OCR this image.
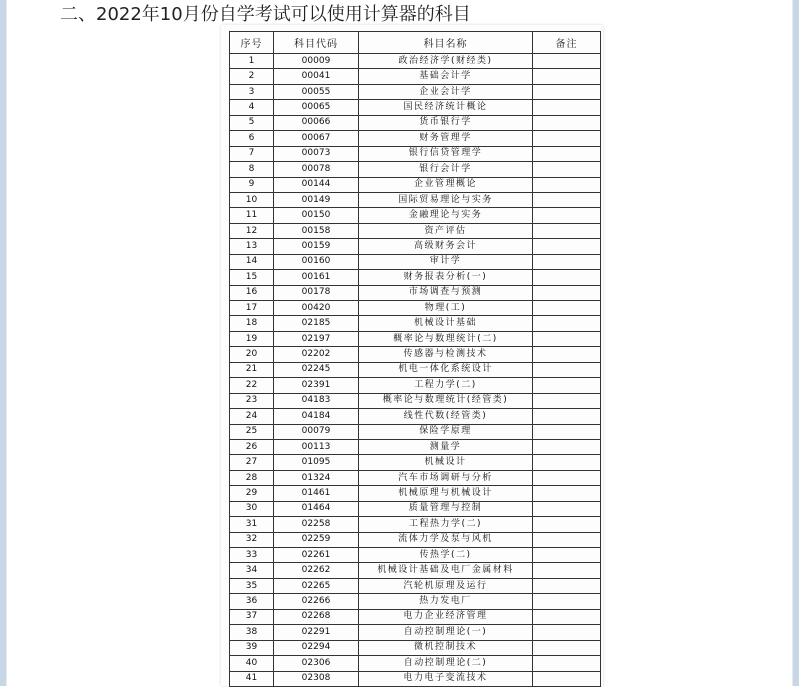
二、2022年10月份自学考试可以使用计算器的科目
序号	科目代码	科目名称	备注
1	00009	政治经济学(财经类)	
2	00041	基础会计学	
3	00055	企业会计学	
4	00065	国民经济统计概论	
5	00066	货币银行学	
6	00067	财务管理学	
7	00073	银行信贷管理学	
8	00078	银行会计学	
9	00144	企业管理概论	
10	00149	国际贸易理论与实务	
11	00150	金融理论与实务	
12	00158	资产评估	
13	00159	高级财务会计	
14	00160	审计学	
15	00161	财务报表分析(一)	
16	00178	市场调查与预测	
17	00420	物理(工)	
18	02185	机械设计基础	
19	02197	概率论与数理统计(二)	
20	02202	传感器与检测技术	
21	02245	机电一体化系统设计	
22	02391	工程力学(二)	
23	04183	概率论与数理统计(经管类)	
24	04184	线性代数(经管类)	
25	00079	保险学原理	
26	00113	测量学	
27	01095	机械设计	
28	01324	汽车市场调研与分析	
29	01461	机械原理与机械设计	
30	01464	质量管理与控制	
31	02258	工程热力学(二)	
32	02259	流体力学及泵与风机	
33	02261	传热学(二)	
34	02262	机械设计基础及电厂金属材料	
35	02265	汽轮机原理及运行	
36	02266	热力发电厂	
37	02268	电力企业经济管理	
38	02291	自动控制理论(一)	
39	02294	微机控制技术	
40	02306	自动控制理论(二)	
41	02308	电力电子变流技术	
